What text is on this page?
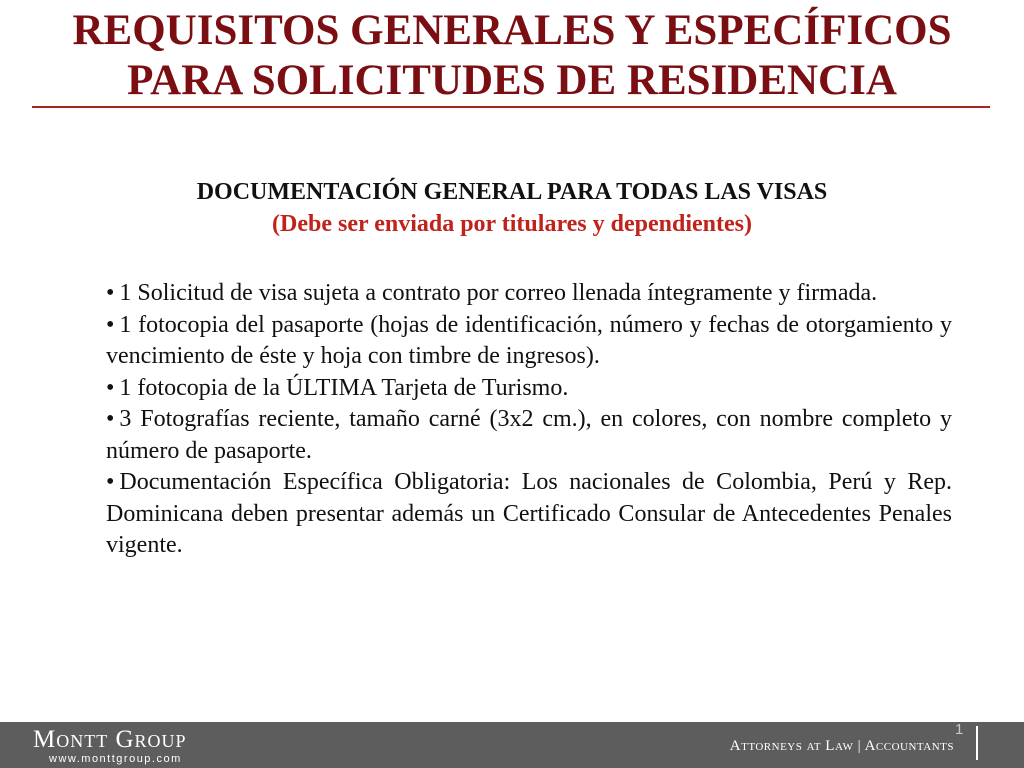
REQUISITOS GENERALES Y ESPECÍFICOS
PARA SOLICITUDES DE RESIDENCIA
DOCUMENTACIÓN GENERAL PARA TODAS LAS VISAS
(Debe ser enviada por titulares y dependientes)
• 1 Solicitud de visa sujeta a contrato por correo llenada íntegramente y firmada.
• 1 fotocopia del pasaporte (hojas de identificación, número y fechas de otorgamiento y vencimiento de éste y hoja con timbre de ingresos).
• 1 fotocopia de la ÚLTIMA Tarjeta de Turismo.
• 3 Fotografías reciente, tamaño carné (3x2 cm.), en colores, con nombre completo y número de pasaporte.
• Documentación Específica Obligatoria: Los nacionales de Colombia, Perú y Rep. Dominicana deben presentar además un Certificado Consular de Antecedentes Penales vigente.
Montt Group
www.monttgroup.com
Attorneys at Law | Accountants
1
